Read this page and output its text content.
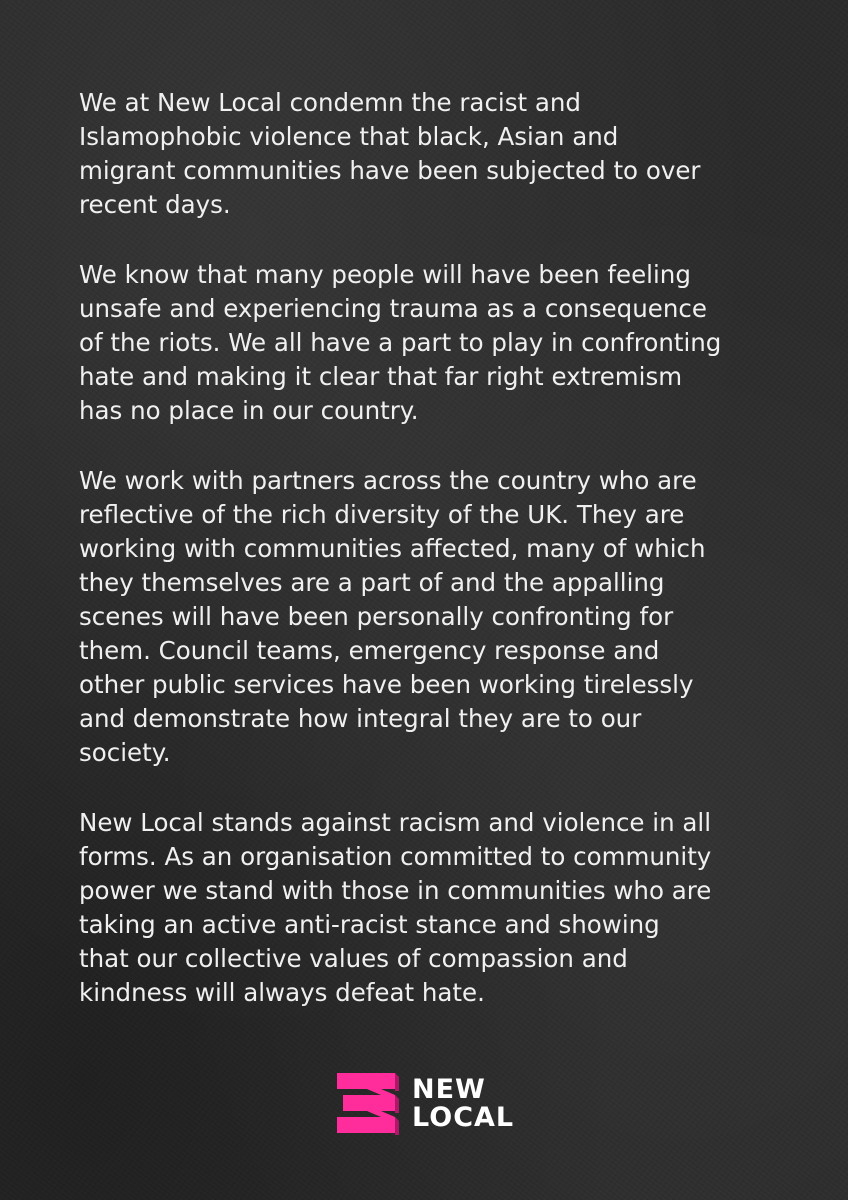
We at New Local condemn the racist and
Islamophobic violence that black, Asian and
migrant communities have been subjected to over
recent days.

We know that many people will have been feeling
unsafe and experiencing trauma as a consequence
of the riots. We all have a part to play in confronting
hate and making it clear that far right extremism
has no place in our country.

We work with partners across the country who are
reflective of the rich diversity of the UK. They are
working with communities affected, many of which
they themselves are a part of and the appalling
scenes will have been personally confronting for
them. Council teams, emergency response and
other public services have been working tirelessly
and demonstrate how integral they are to our
society.

New Local stands against racism and violence in all
forms. As an organisation committed to community
power we stand with those in communities who are
taking an active anti-racist stance and showing
that our collective values of compassion and
kindness will always defeat hate.

NEW
LOCAL
